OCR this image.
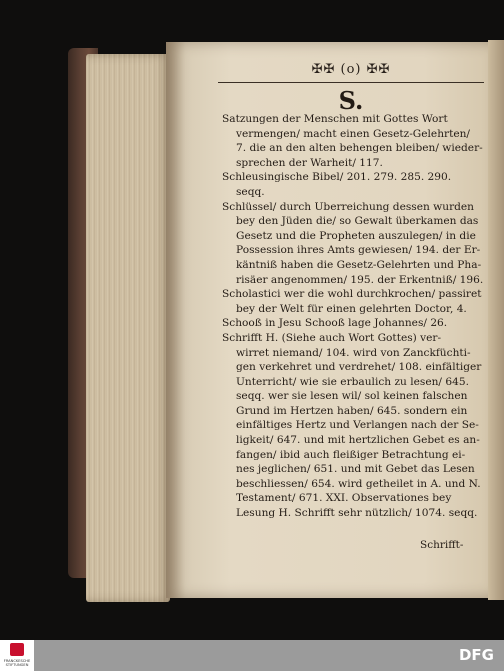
✠✠ (o) ✠✠
S.
Satzungen der Menschen mit Gottes Wort
vermengen/ macht einen Gesetz-Gelehrten/
7. die an den alten behengen bleiben/ wieder-
sprechen der Warheit/ 117.
Schleusingische Bibel/ 201. 279. 285. 290.
seqq.
Schlüssel/ durch Uberreichung dessen wurden
bey den Jüden die/ so Gewalt überkamen das
Gesetz und die Propheten auszulegen/ in die
Possession ihres Amts gewiesen/ 194. der Er-
käntniß haben die Gesetz-Gelehrten und Pha-
risäer angenommen/ 195. der Erkentniß/ 196.
Scholastici wer die wohl durchkrochen/ passiret
bey der Welt für einen gelehrten Doctor, 4.
Schooß in Jesu Schooß lage Johannes/ 26.
Schrifft H. (Siehe auch Wort Gottes) ver-
wirret niemand/ 104. wird von Zanckfüchti-
gen verkehret und verdrehet/ 108. einfältiger
Unterricht/ wie sie erbaulich zu lesen/ 645.
seqq. wer sie lesen wil/ sol keinen falschen
Grund im Hertzen haben/ 645. sondern ein
einfältiges Hertz und Verlangen nach der Se-
ligkeit/ 647. und mit hertzlichen Gebet es an-
fangen/ ibid auch fleißiger Betrachtung ei-
nes jeglichen/ 651. und mit Gebet das Lesen
beschliessen/ 654. wird getheilet in A. und N.
Testament/ 671. XXI. Observationes bey
Lesung H. Schrifft sehr nützlich/ 1074. seqq.
Schrifft-
FRANCKESCHE STIFTUNGEN
DFG
